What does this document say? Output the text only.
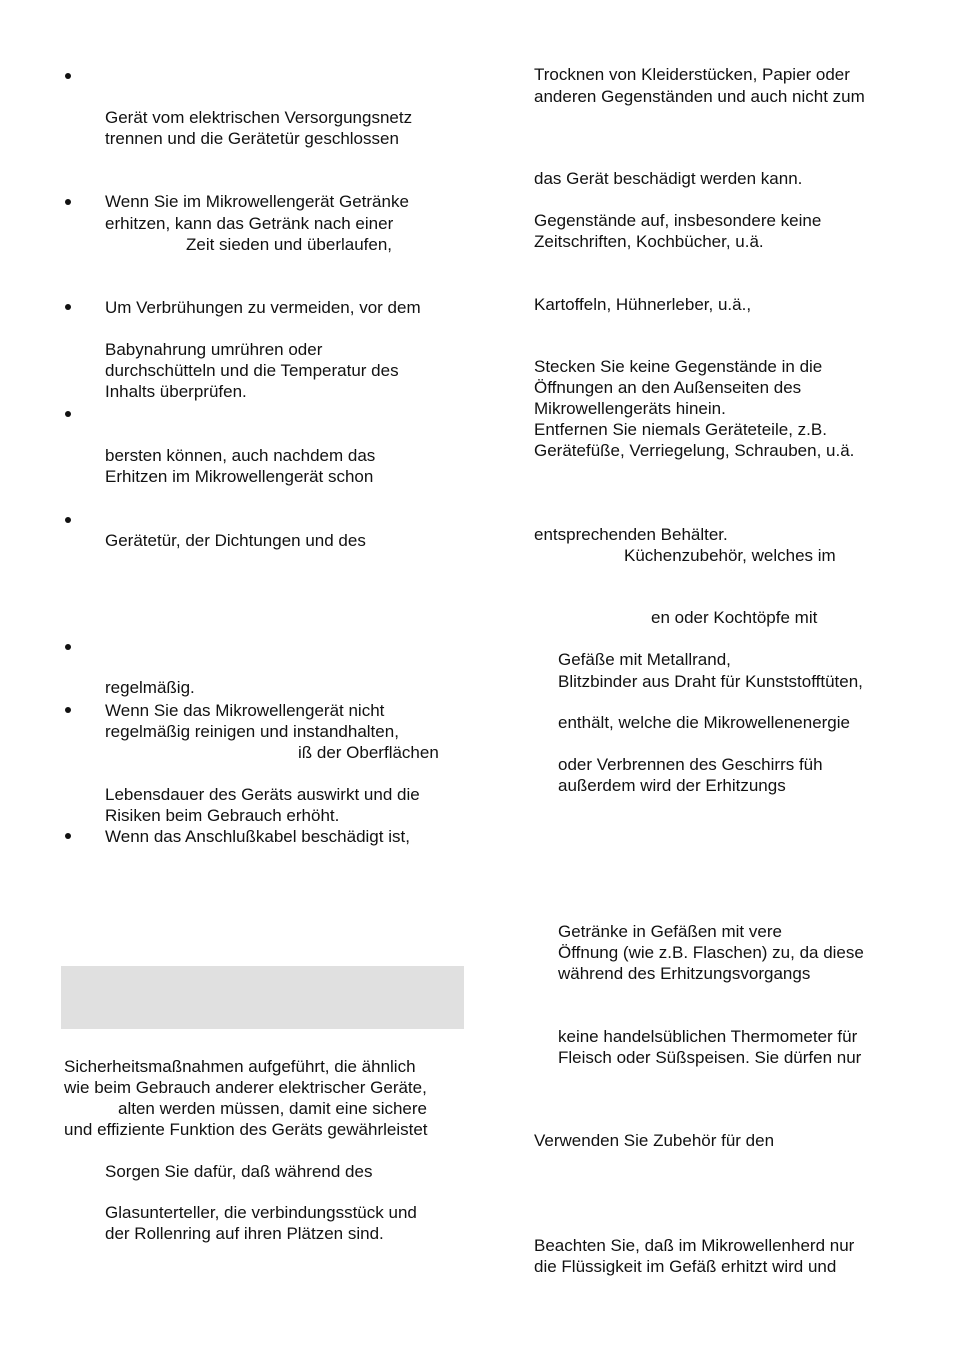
Gerät vom elektrischen Versorgungsnetz
trennen und die Gerätetür geschlossen
Wenn Sie im Mikrowellengerät Getränke
erhitzen, kann das Getränk nach einer
Zeit sieden und überlaufen,
Um Verbrühungen zu vermeiden, vor dem
Babynahrung umrühren oder
durchschütteln und die Temperatur des
Inhalts überprüfen.
bersten können, auch nachdem das
Erhitzen im Mikrowellengerät schon
Gerätetür, der Dichtungen und des
regelmäßig.
Wenn Sie das Mikrowellengerät nicht
regelmäßig reinigen und instandhalten,
iß der Oberflächen
Lebensdauer des Geräts auswirkt und die
Risiken beim Gebrauch erhöht.
Wenn das Anschlußkabel beschädigt ist,
Sicherheitsmaßnahmen aufgeführt, die ähnlich
wie beim Gebrauch anderer elektrischer Geräte,
alten werden müssen, damit eine sichere
und effiziente Funktion des Geräts gewährleistet
Sorgen Sie dafür, daß während des
Glasunterteller, die verbindungsstück und
der Rollenring auf ihren Plätzen sind.
Trocknen von Kleiderstücken, Papier oder
anderen Gegenständen und auch nicht zum
das Gerät beschädigt werden kann.
Gegenstände auf, insbesondere keine
Zeitschriften, Kochbücher, u.ä.
Kartoffeln, Hühnerleber, u.ä.,
Stecken Sie keine Gegenstände in die
Öffnungen an den Außenseiten des
Mikrowellengeräts hinein.
Entfernen Sie niemals Geräteteile, z.B.
Gerätefüße, Verriegelung, Schrauben, u.ä.
entsprechenden Behälter.
Küchenzubehör, welches im
en oder Kochtöpfe mit
Gefäße mit Metallrand,
Blitzbinder aus Draht für Kunststofftüten,
enthält, welche die Mikrowellenenergie
oder Verbrennen des Geschirrs füh
außerdem wird der Erhitzungs
Getränke in Gefäßen mit vere
Öffnung (wie z.B. Flaschen) zu, da diese
während des Erhitzungsvorgangs
keine handelsüblichen Thermometer für
Fleisch oder Süßspeisen. Sie dürfen nur
Verwenden Sie Zubehör für den
Beachten Sie, daß im Mikrowellenherd nur
die Flüssigkeit im Gefäß erhitzt wird und
